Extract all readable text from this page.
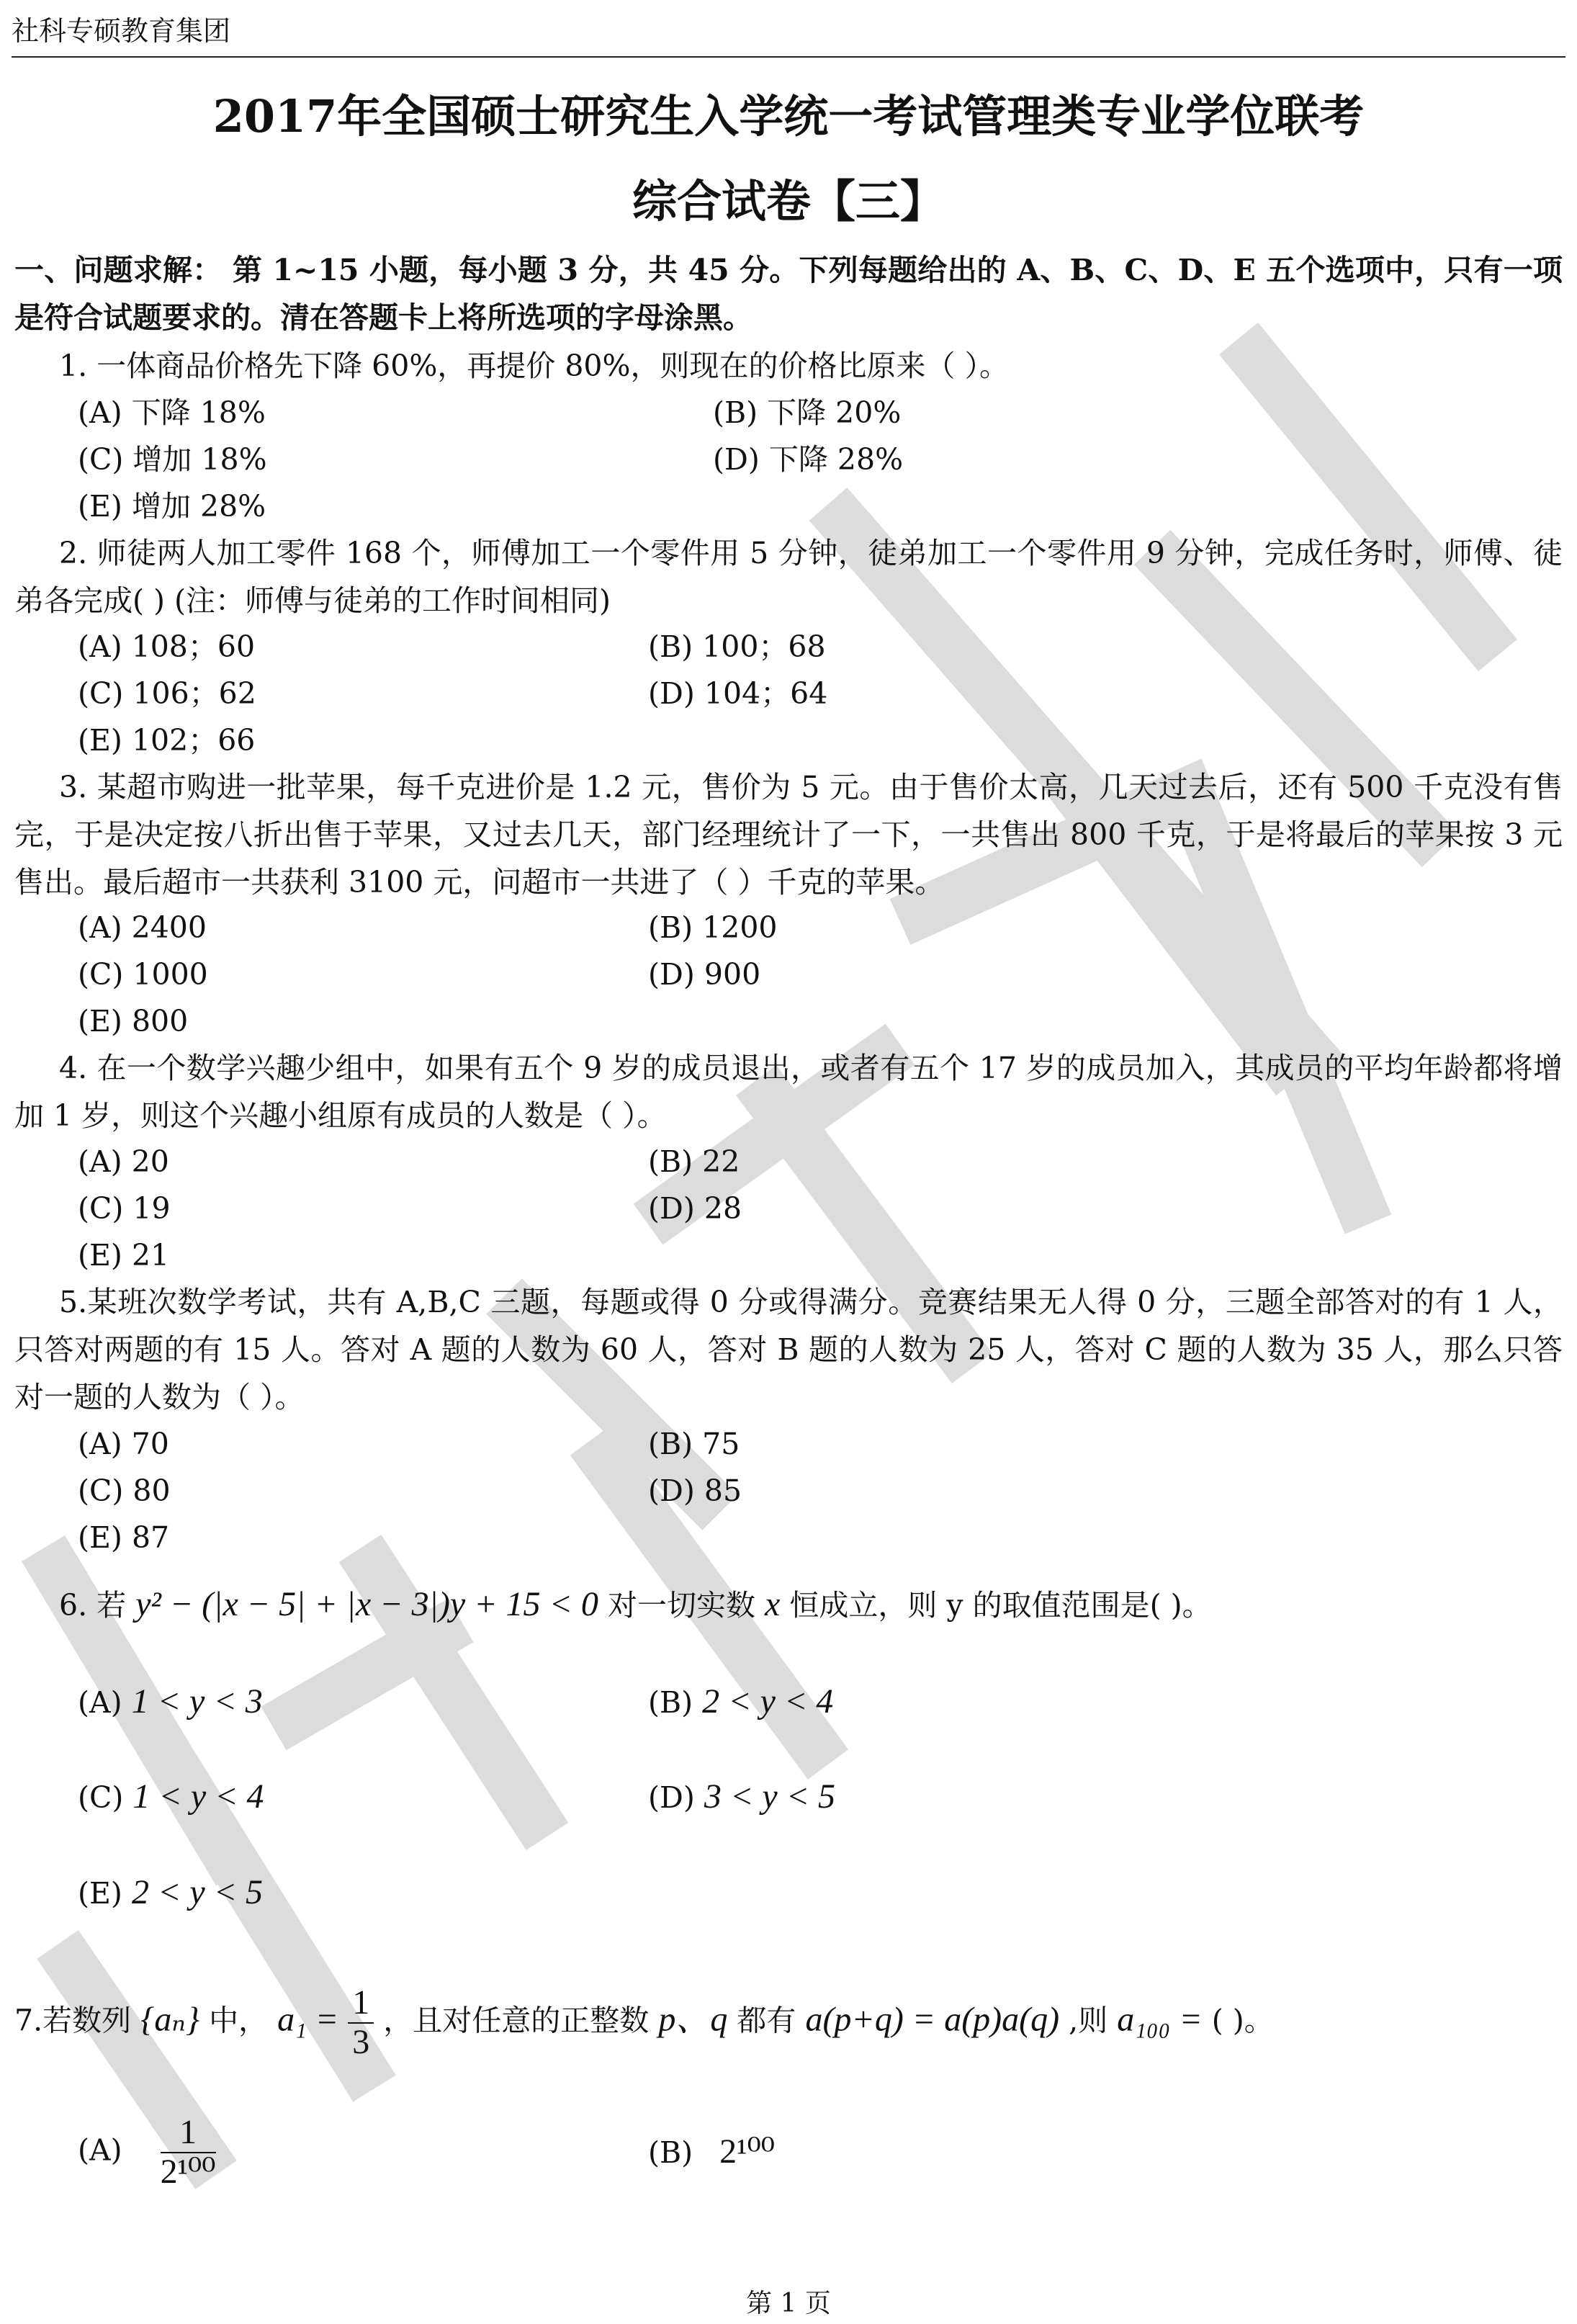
社科专硕教育集团
2017年全国硕士研究生入学统一考试管理类专业学位联考
综合试卷【三】
一、问题求解： 第 1~15 小题，每小题 3 分，共 45 分。下列每题给出的 A、B、C、D、E 五个选项中，只有一项是符合试题要求的。清在答题卡上将所选项的字母涂黑。

1. 一体商品价格先下降 60%，再提价 80%，则现在的价格比原来（ ）。

(A) 下降 18%	(B) 下降 20%
(C) 增加 18%	(D) 下降 28%
(E) 增加 28%

2. 师徒两人加工零件 168 个，师傅加工一个零件用 5 分钟，徒弟加工一个零件用 9 分钟，完成任务时，师傅、徒弟各完成( ) (注：师傅与徒弟的工作时间相同)

(A) 108；60	(B) 100；68
(C) 106；62	(D) 104；64
(E) 102；66

3. 某超市购进一批苹果，每千克进价是 1.2 元，售价为 5 元。由于售价太高，几天过去后，还有 500 千克没有售完，于是决定按八折出售于苹果，又过去几天，部门经理统计了一下，一共售出 800 千克，于是将最后的苹果按 3 元售出。最后超市一共获利 3100 元，问超市一共进了（ ）千克的苹果。

(A) 2400	(B) 1200
(C) 1000	(D) 900
(E) 800

4. 在一个数学兴趣少组中，如果有五个 9 岁的成员退出，或者有五个 17 岁的成员加入，其成员的平均年龄都将增加 1 岁，则这个兴趣小组原有成员的人数是（ ）。

(A) 20	(B) 22
(C) 19	(D) 28
(E) 21

5.某班次数学考试，共有 A,B,C 三题，每题或得 0 分或得满分。竞赛结果无人得 0 分，三题全部答对的有 1 人，只答对两题的有 15 人。答对 A 题的人数为 60 人，答对 B 题的人数为 25 人，答对 C 题的人数为 35 人，那么只答对一题的人数为（ ）。

(A) 70	(B) 75
(C) 80	(D) 85
(E) 87

6. 若 y² − (|x − 5| + |x − 3|)y + 15 < 0 对一切实数 x 恒成立，则 y 的取值范围是( )。

(A) 1 < y < 3	(B) 2 < y < 4
(C) 1 < y < 4	(D) 3 < y < 5
(E) 2 < y < 5

7.若数列 {aₙ} 中， $a_1 = \frac{1}{3}$ ，且对任意的正整数 p、q 都有 a(p+q) = a(p)a(q) ,则 a₁₀₀ = ( )。

$(A) \frac{1}{\text{2¹⁰⁰}}$	(B) 2¹⁰⁰
第 1 页
